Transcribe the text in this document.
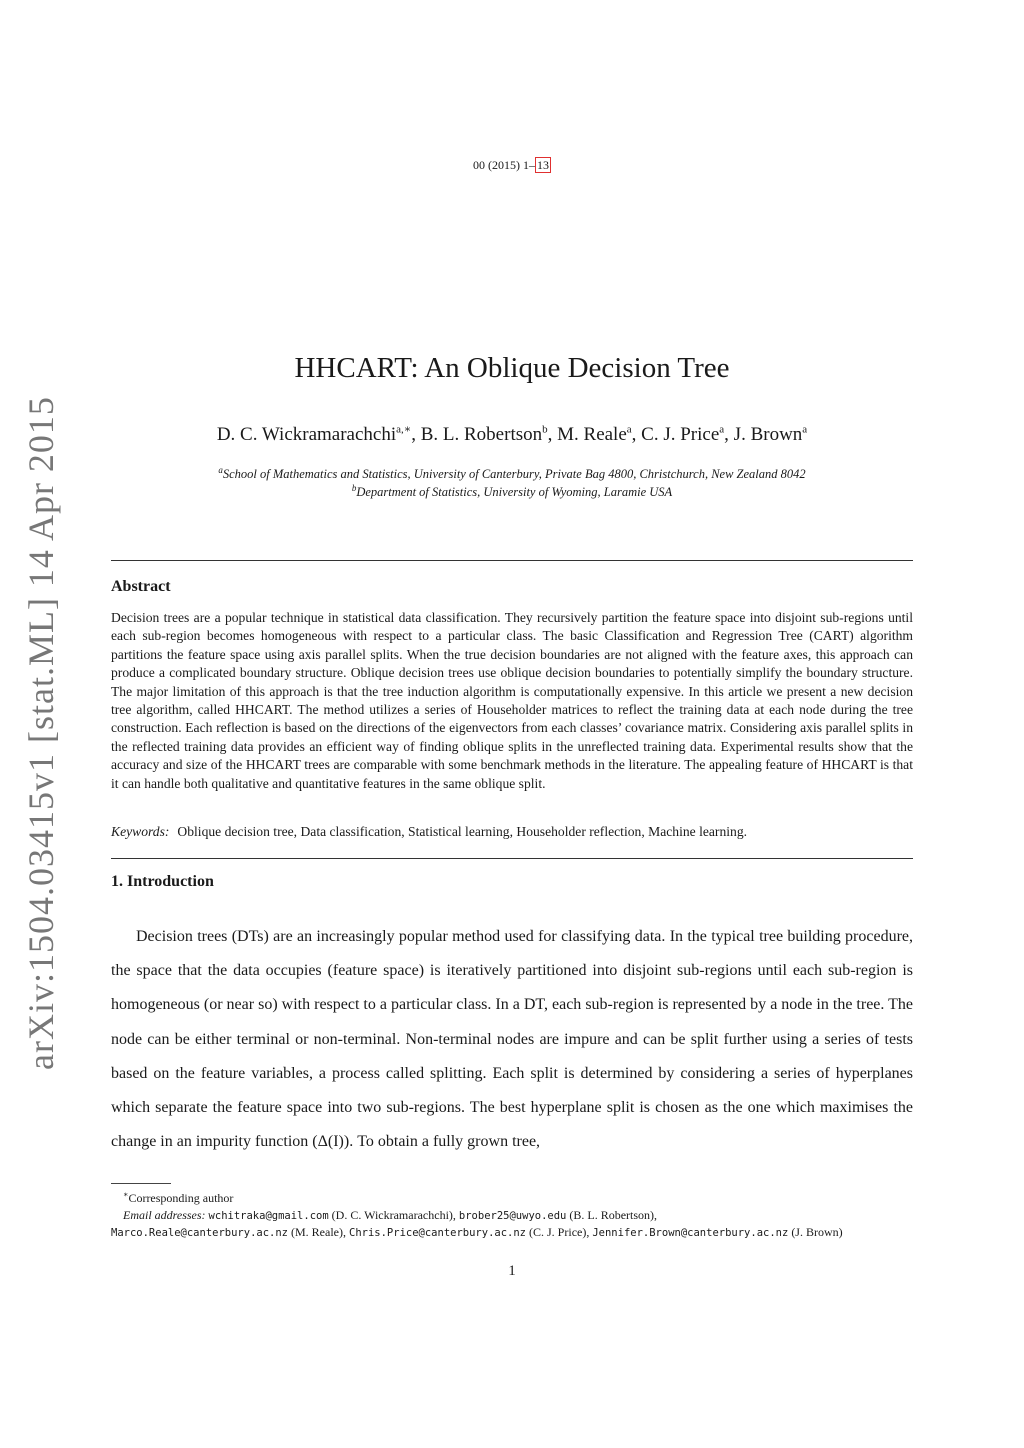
00 (2015) 1– 13
arXiv:1504.03415v1 [stat.ML] 14 Apr 2015
HHCART: An Oblique Decision Tree
D. C. Wickramarachchi$^{a,∗}$, B. L. Robertson$^b$, M. Reale$^a$, C. J. Price$^a$, J. Brown$^a$
$^a$School of Mathematics and Statistics, University of Canterbury, Private Bag 4800, Christchurch, New Zealand 8042
$^b$Department of Statistics, University of Wyoming, Laramie USA
Abstract
Decision trees are a popular technique in statistical data classification. They recursively partition the feature space into disjoint sub-regions until each sub-region becomes homogeneous with respect to a particular class. The basic Classification and Regression Tree (CART) algorithm partitions the feature space using axis parallel splits. When the true decision boundaries are not aligned with the feature axes, this approach can produce a complicated boundary structure. Oblique decision trees use oblique decision boundaries to potentially simplify the boundary structure. The major limitation of this approach is that the tree induction algorithm is computationally expensive. In this article we present a new decision tree algorithm, called HHCART. The method utilizes a series of Householder matrices to reflect the training data at each node during the tree construction. Each reflection is based on the directions of the eigenvectors from each classes’ covariance matrix. Considering axis parallel splits in the reflected training data provides an efficient way of finding oblique splits in the unreflected training data. Experimental results show that the accuracy and size of the HHCART trees are comparable with some benchmark methods in the literature. The appealing feature of HHCART is that it can handle both qualitative and quantitative features in the same oblique split.
Keywords: Oblique decision tree, Data classification, Statistical learning, Householder reflection, Machine learning.
1. Introduction
Decision trees (DTs) are an increasingly popular method used for classifying data. In the typical tree building procedure, the space that the data occupies (feature space) is iteratively partitioned into disjoint sub-regions until each sub-region is homogeneous (or near so) with respect to a particular class. In a DT, each sub-region is represented by a node in the tree. The node can be either terminal or non-terminal. Non-terminal nodes are impure and can be split further using a series of tests based on the feature variables, a process called splitting. Each split is determined by considering a series of hyperplanes which separate the feature space into two sub-regions. The best hyperplane split is chosen as the one which maximises the change in an impurity function (Δ(I)). To obtain a fully grown tree,
∗Corresponding author
Email addresses: wchitraka@gmail.com (D. C. Wickramarachchi), brober25@uwyo.edu (B. L. Robertson),
Marco.Reale@canterbury.ac.nz (M. Reale), Chris.Price@canterbury.ac.nz (C. J. Price), Jennifer.Brown@canterbury.ac.nz (J. Brown)
1
